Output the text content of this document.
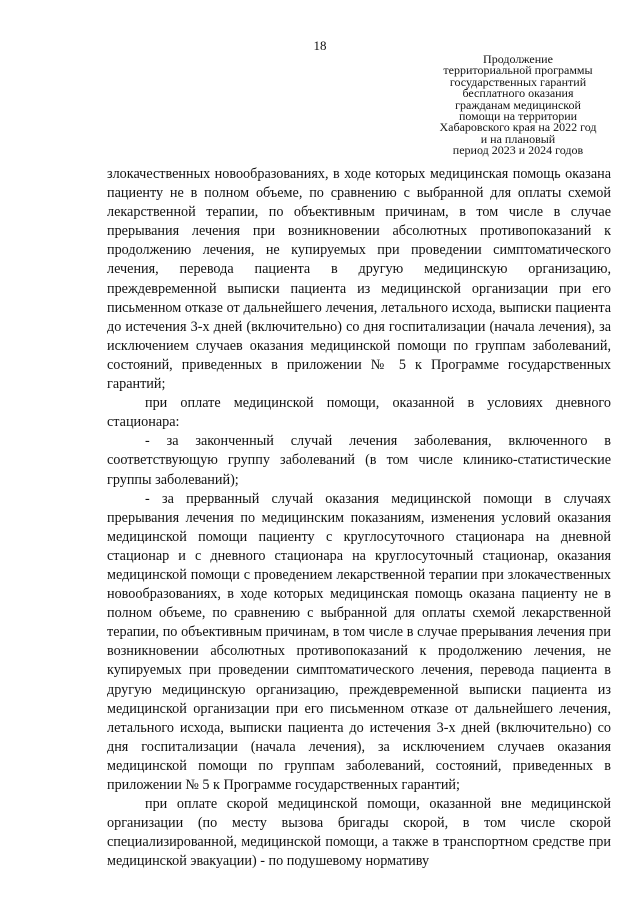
18
Продолжение
территориальной программы
государственных гарантий
бесплатного оказания
гражданам медицинской
помощи на территории
Хабаровского края на 2022 год
и на плановый
период 2023 и 2024 годов

злокачественных новообразованиях, в ходе которых медицинская помощь оказана пациенту не в полном объеме, по сравнению с выбранной для оплаты схемой лекарственной терапии, по объективным причинам, в том числе в случае прерывания лечения при возникновении абсолютных противопоказаний к продолжению лечения, не купируемых при проведении симптоматического лечения, перевода пациента в другую медицинскую организацию, преждевременной выписки пациента из медицинской организации при его письменном отказе от дальнейшего лечения, летального исхода, выписки пациента до истечения 3-х дней (включительно) со дня госпитализации (начала лечения), за исключением случаев оказания медицинской помощи по группам заболеваний, состояний, приведенных в приложении № 5 к Программе государственных гарантий;

при оплате медицинской помощи, оказанной в условиях дневного стационара:

- за законченный случай лечения заболевания, включенного в соответствующую группу заболеваний (в том числе клинико-статистические группы заболеваний);

- за прерванный случай оказания медицинской помощи в случаях прерывания лечения по медицинским показаниям, изменения условий оказания медицинской помощи пациенту с круглосуточного стационара на дневной стационар и с дневного стационара на круглосуточный стационар, оказания медицинской помощи с проведением лекарственной терапии при злокачественных новообразованиях, в ходе которых медицинская помощь оказана пациенту не в полном объеме, по сравнению с выбранной для оплаты схемой лекарственной терапии, по объективным причинам, в том числе в случае прерывания лечения при возникновении абсолютных противопоказаний к продолжению лечения, не купируемых при проведении симптоматического лечения, перевода пациента в другую медицинскую организацию, преждевременной выписки пациента из медицинской организации при его письменном отказе от дальнейшего лечения, летального исхода, выписки пациента до истечения 3-х дней (включительно) со дня госпитализации (начала лечения), за исключением случаев оказания медицинской помощи по группам заболеваний, состояний, приведенных в приложении № 5 к Программе государственных гарантий;

при оплате скорой медицинской помощи, оказанной вне медицинской организации (по месту вызова бригады скорой, в том числе скорой специализированной, медицинской помощи, а также в транспортном средстве при медицинской эвакуации) - по подушевому нормативу
